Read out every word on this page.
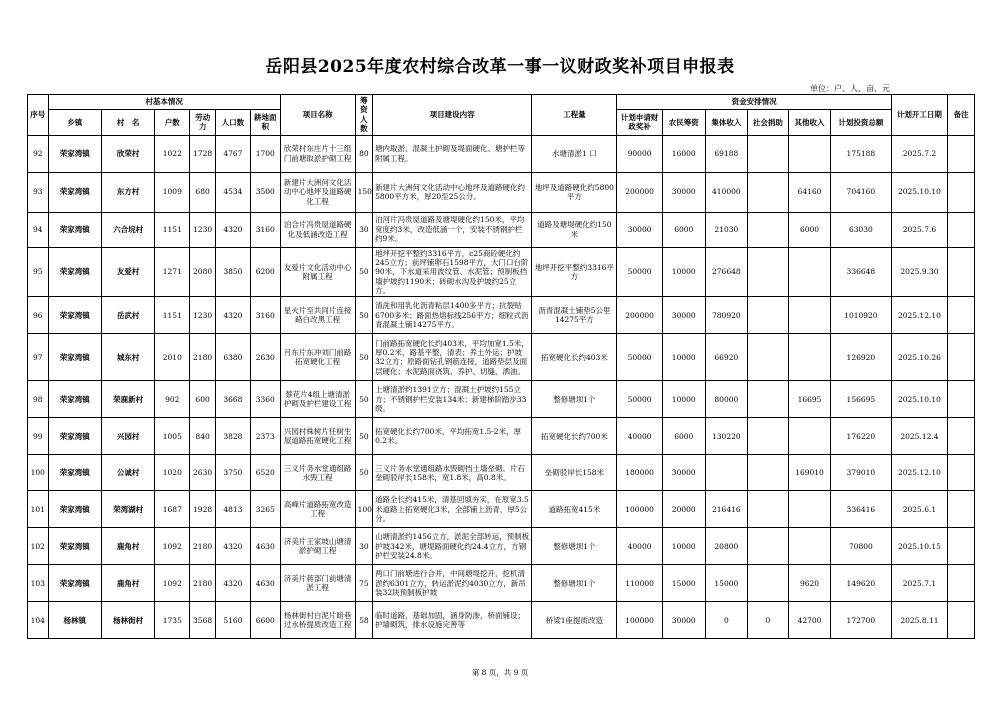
岳阳县2025年度农村综合改革一事一议财政奖补项目申报表
单位：户、人、亩、元
序号	村基本情况						项目名称	筹资人数	项目建设内容	工程量	资金安排情况						计划开工日期	备注
	乡镇	村　名	户数	劳动力	人口数	耕地面积					计划申请财政奖补	农民筹资	集体收入	社会捐助	其他收入	计划投资总额		
92	荣家湾镇	欣荣村	1022	1728	4767	1700	欣荣村东庄片十三组门前塘取淤护砌工程	80	塘内取淤、混凝土护砌及堤面硬化、塘护栏等附属工程。	水塘清淤1 口	90000	16000	69188			175188	2025.7.2	
93	荣家湾镇	东方村	1009	680	4534	3500	新建片大洲何文化活动中心地坪及道路硬化工程	150	新建片大洲何文化活动中心地坪及道路硬化约5800平方米，厚20至25公分。	地坪及道路硬化约5800平方	200000	30000	410000		64160	704160	2025.10.10	
94	荣家湾镇	六合垸村	1151	1230	4320	3160	泊合片冯贵屋道路硬化及低涵改造工程	30	泊河片冯贵屋道路及塘堤硬化约150米，平均宽度约3米，改造低涵一个，安装不锈钢护栏约9米。	道路及塘堤硬化约150米	30000	6000	21030		6000	63030	2025.7.6	
95	荣家湾镇	友爱村	1271	2080	3850	6200	友爱片文化活动中心附属工程	50	地坪开挖平整约3316平方，c25商砼硬化约245立方；前坪铺卵石1598平方，大门口台阶90米，下水道采用波纹管、水泥管；预制板挡墙护坡约1190米；砖砌水沟及护坡约25立方。	地坪开挖平整约3316平方	50000	10000	276648			336648	2025.9.30	
96	荣家湾镇	岳武村	1151	1230	4320	3160	星火片至共同片连接路白改黑工程	50	清洗和用乳化沥青粘层1400多平方；抗裂贴6700多米；路面热熔标线256平方；细粒式沥青混凝土铺14275平方。	沥青混凝土铺垫5公里14275平方	200000	30000	780920			1010920	2025.12.10	
97	荣家湾镇	城东村	2010	2180	6380	2630	月东片东冲刘门前路拓宽硬化工程	50	门前路拓宽硬化长约403米，平均加宽1.5米，厚0.2米，路基平整，清表；养土外运；护坡32立方；原路面钻孔钢筋连接，道路垫层及面层硬化；水泥路面浇筑、养护、切缝、洒油。	拓宽硬化长约403米	50000	10000	66920			126920	2025.10.26	
98	荣家湾镇	荣鹿新村	902	600	3668	3360	蔡花片4组上塘清淤护砌及护栏建设工程	50	上塘清淤约1391立方；混凝土护坡约155立方；不锈钢护栏安装134米；新建梯阶踏步33级。	整修塘坝1个	50000	10000	80000		16695	156695	2025.10.10	
99	荣家湾镇	兴园村	1005	840	3828	2373	兴园村株树片任树生屋道路拓宽硬化工程	50	拓宽硬化长约700米，平均拓宽1.5-2米，厚0.2米。	拓宽硬化长约700米	40000	6000	130220			176220	2025.12.4	
100	荣家湾镇	公诚村	1020	2630	3750	6520	三义片务水堂通组路水毁工程	50	三义片务水堂通组路水毁砌挡土墙垒砌。片石垒砌驳岸长158米，宽1.8米，高0.8米。	垒砌驳岸长158米	180000	30000			169010	379010	2025.12.10	
101	荣家湾镇	荣湾湖村	1687	1928	4813	3265	高峰片道路拓宽改造工程	100	道路全长约415米，清基回填夯实，在原宽3.5米道路上拓宽硬化3米，全部铺上沥青，厚5公分。	道路拓宽415米	100000	20000	216416			336416	2025.6.1	
102	荣家湾镇	鹿角村	1092	2180	4320	4630	济美片王家坡山塘清淤护砌工程	30	山塘清淤约1456立方，淤泥全部转运，预制板护坡342米，塘堤路面硬化约24.4立方，方钢护栏安装24.8米。	整修塘坝1个	40000	10000	20800			70800	2025.10.15	
103	荣家湾镇	鹿角村	1092	2180	4320	4630	济美片蒋部门前塘清淤工程	75	两口门前塘进行合并，中间塘堤挖开，挖机清淤约6301立方，转运淤泥约4030立方，新吊装32块预制板护坡	整修塘坝1个	110000	15000	15000		9620	149620	2025.7.1	
104	杨林镇	杨林街村	1735	3568	5160	6600	杨林街村白泥片暗巷过水桥提质改造工程	58	临时道路，基础加固，涵身防渗，桥面铺设；护墙砌筑，排水设施完善等	桥梁1座提质改造	100000	30000	0	0	42700	172700	2025.8.11	
第 8 页，共 9 页
